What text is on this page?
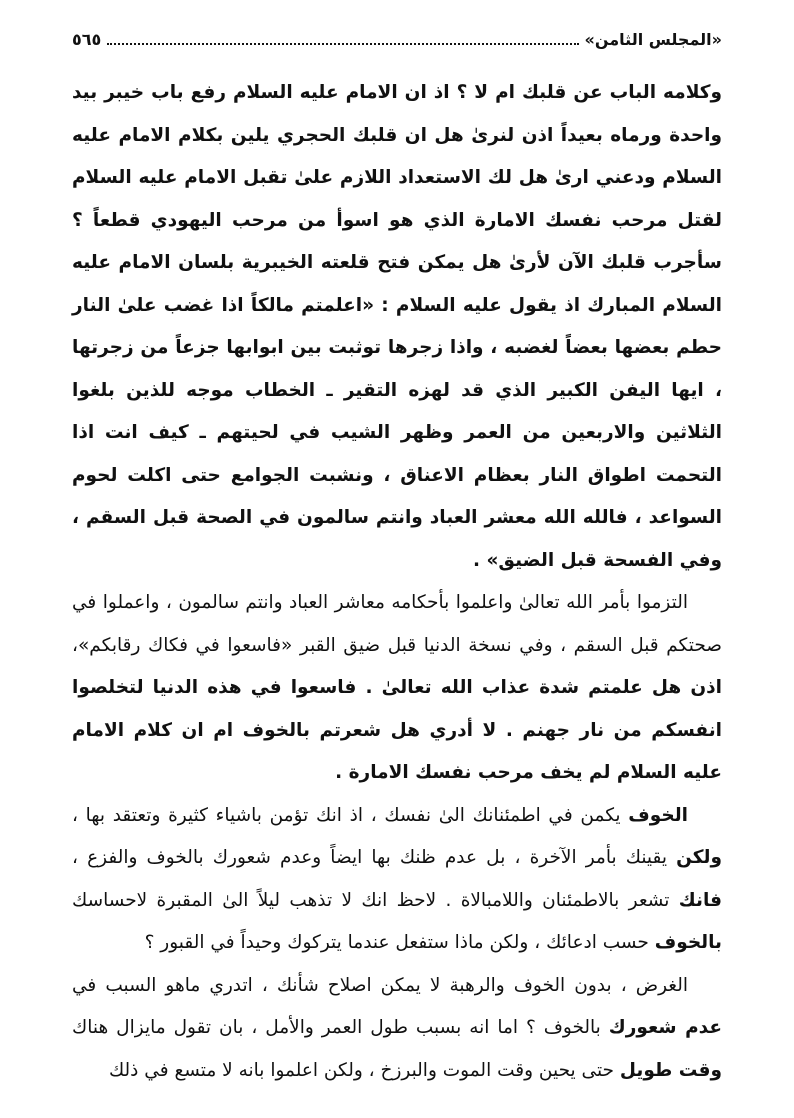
«المجلس الثامن»
٥٦٥

وكلامه الباب عن قلبك ام لا ؟ اذ ان الامام عليه السلام رفع باب خيبر بيد واحدة ورماه بعيداً اذن لنرىٰ هل ان قلبك الحجري يلين بكلام الامام عليه السلام ودعني ارىٰ هل لك الاستعداد اللازم علىٰ تقبل الامام عليه السلام لقتل مرحب نفسك الامارة الذي هو اسوأ من مرحب اليهودي قطعاً ؟ سأجرب قلبك الآن لأرىٰ هل يمكن فتح قلعته الخيبرية بلسان الامام عليه السلام المبارك اذ يقول عليه السلام : «اعلمتم مالكاً اذا غضب علىٰ النار حطم بعضها بعضاً لغضبه ، واذا زجرها توثبت بين ابوابها جزعاً من زجرتها ، ايها اليفن الكبير الذي قد لهزه التقير ـ الخطاب موجه للذين بلغوا الثلاثين والاربعين من العمر وظهر الشيب في لحيتهم ـ كيف انت اذا التحمت اطواق النار بعظام الاعناق ، ونشبت الجوامع حتى اكلت لحوم السواعد ، فالله الله معشر العباد وانتم سالمون في الصحة قبل السقم ، وفي الفسحة قبل الضيق» .

التزموا بأمر الله تعالىٰ واعلموا بأحكامه معاشر العباد وانتم سالمون ، واعملوا في صحتكم قبل السقم ، وفي نسخة الدنيا قبل ضيق القبر «فاسعوا في فكاك رقابكم»، اذن هل علمتم شدة عذاب الله تعالىٰ . فاسعوا في هذه الدنيا لتخلصوا انفسكم من نار جهنم . لا أدري هل شعرتم بالخوف ام ان كلام الامام عليه السلام لم يخف مرحب نفسك الامارة .

الخوف يكمن في اطمئنانك الىٰ نفسك ، اذ انك تؤمن باشياء كثيرة وتعتقد بها ، ولكن يقينك بأمر الآخرة ، بل عدم ظنك بها ايضاً وعدم شعورك بالخوف والفزع ، فانك تشعر بالاطمئنان واللامبالاة . لاحظ انك لا تذهب ليلاً الىٰ المقبرة لاحساسك بالخوف حسب ادعائك ، ولكن ماذا ستفعل عندما يتركوك وحيداً في القبور ؟

الغرض ، بدون الخوف والرهبة لا يمكن اصلاح شأنك ، اتدري ماهو السبب في عدم شعورك بالخوف ؟ اما انه بسبب طول العمر والأمل ، بان تقول مايزال هناك وقت طويل حتى يحين وقت الموت والبرزخ ، ولكن اعلموا بانه لا متسع في ذلك
